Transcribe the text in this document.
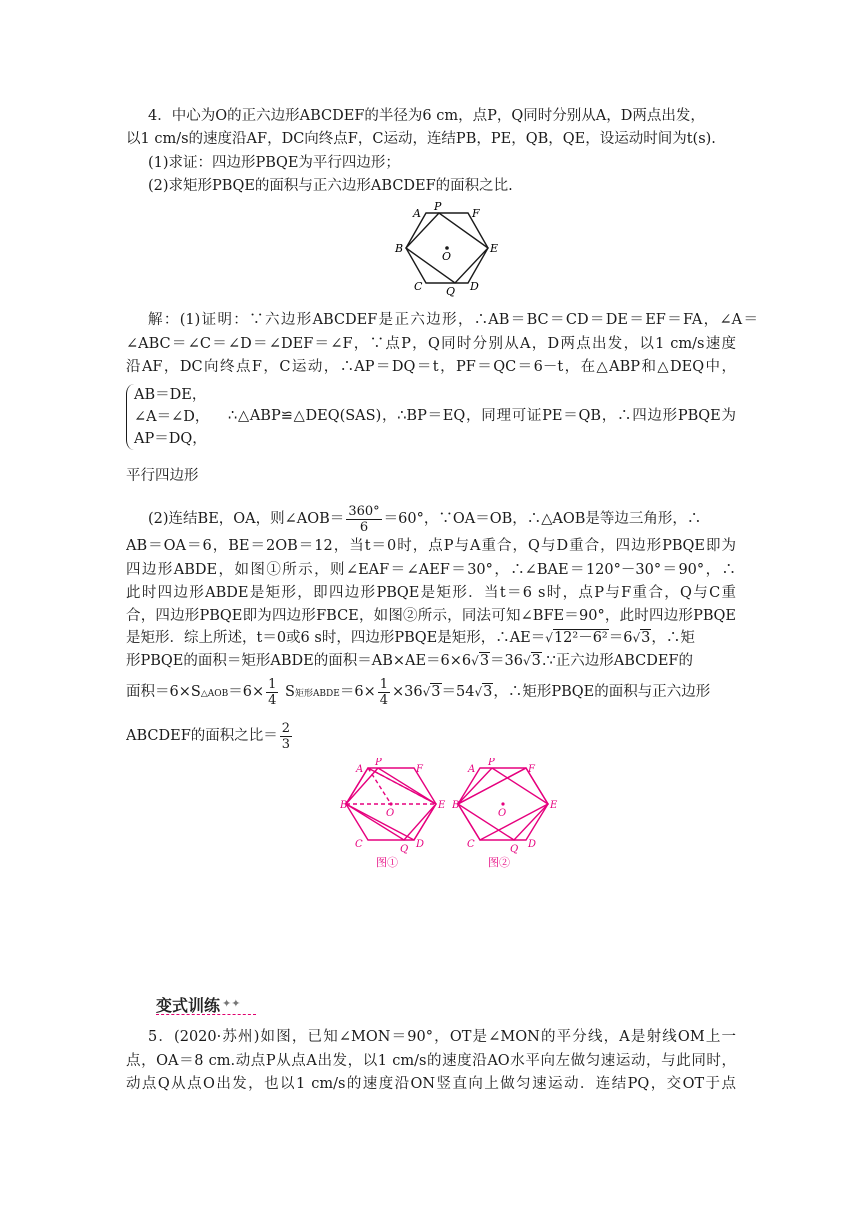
4．中心为O的正六边形ABCDEF的半径为6 cm，点P，Q同时分别从A，D两点出发，
以1 cm/s的速度沿AF，DC向终点F，C运动，连结PB，PE，QB，QE，设运动时间为t(s).
(1)求证：四边形PBQE为平行四边形；
(2)求矩形PBQE的面积与正六边形ABCDEF的面积之比.
A
P
F
B
O
E
C Q D
解：(1)证明：∵六边形ABCDEF是正六边形，∴AB＝BC＝CD＝DE＝EF＝FA，∠A＝
∠ABC＝∠C＝∠D＝∠DEF＝∠F，∵点P，Q同时分别从A，D两点出发，以1 cm/s速度
沿AF，DC向终点F，C运动，∴AP＝DQ＝t，PF＝QC＝6－t，在△ABP和△DEQ中，
AB＝DE，
∠A＝∠D，
AP＝DQ，
∴△ABP≌△DEQ(SAS)，∴BP＝EQ，同理可证PE＝QB，∴四边形PBQE为
平行四边形
(2)连结BE，OA，则∠AOB＝ $\frac{360^\circ}{6} =60^\circ$，∵OA＝OB，∴△AOB是等边三角形，∴
AB＝OA＝6，BE＝2OB＝12，当t＝0时，点P与A重合，Q与D重合，四边形PBQE即为
四边形ABDE，如图①所示，则∠EAF＝∠AEF＝30°，∴∠BAE＝120°－30°＝90°，∴
此时四边形ABDE是矩形，即四边形PBQE是矩形．当t＝6 s时，点P与F重合，Q与C重
合，四边形PBQE即为四边形FBCE，如图②所示，同法可知∠BFE＝90°，此时四边形PBQE
是矩形．综上所述，t＝0或6 s时，四边形PBQE是矩形，∴AE＝√12²－6²＝6√3，∴矩
形PBQE的面积＝矩形ABDE的面积＝AB×AE＝6×6√3＝36√3.∵正六边形ABCDEF的
面积＝6×S△AOB＝6× $\frac{1}{4}$ S矩形ABDE＝6× $\frac{1}{4} \times 36√3=54√3$，∴矩形PBQE的面积与正六边形
ABCDEF的面积之比＝ $\frac{2}{3}$
A
P
F
B
O
E
C	Q D
图①
A
P
F
B
O
E
C	Q D
图②
变式训练 ✦✦
5．(2020·苏州)如图，已知∠MON＝90°，OT是∠MON的平分线，A是射线OM上一
点，OA＝8 cm.动点P从点A出发，以1 cm/s的速度沿AO水平向左做匀速运动，与此同时，
动点Q从点O出发，也以1 cm/s的速度沿ON竖直向上做匀速运动．连结PQ，交OT于点
